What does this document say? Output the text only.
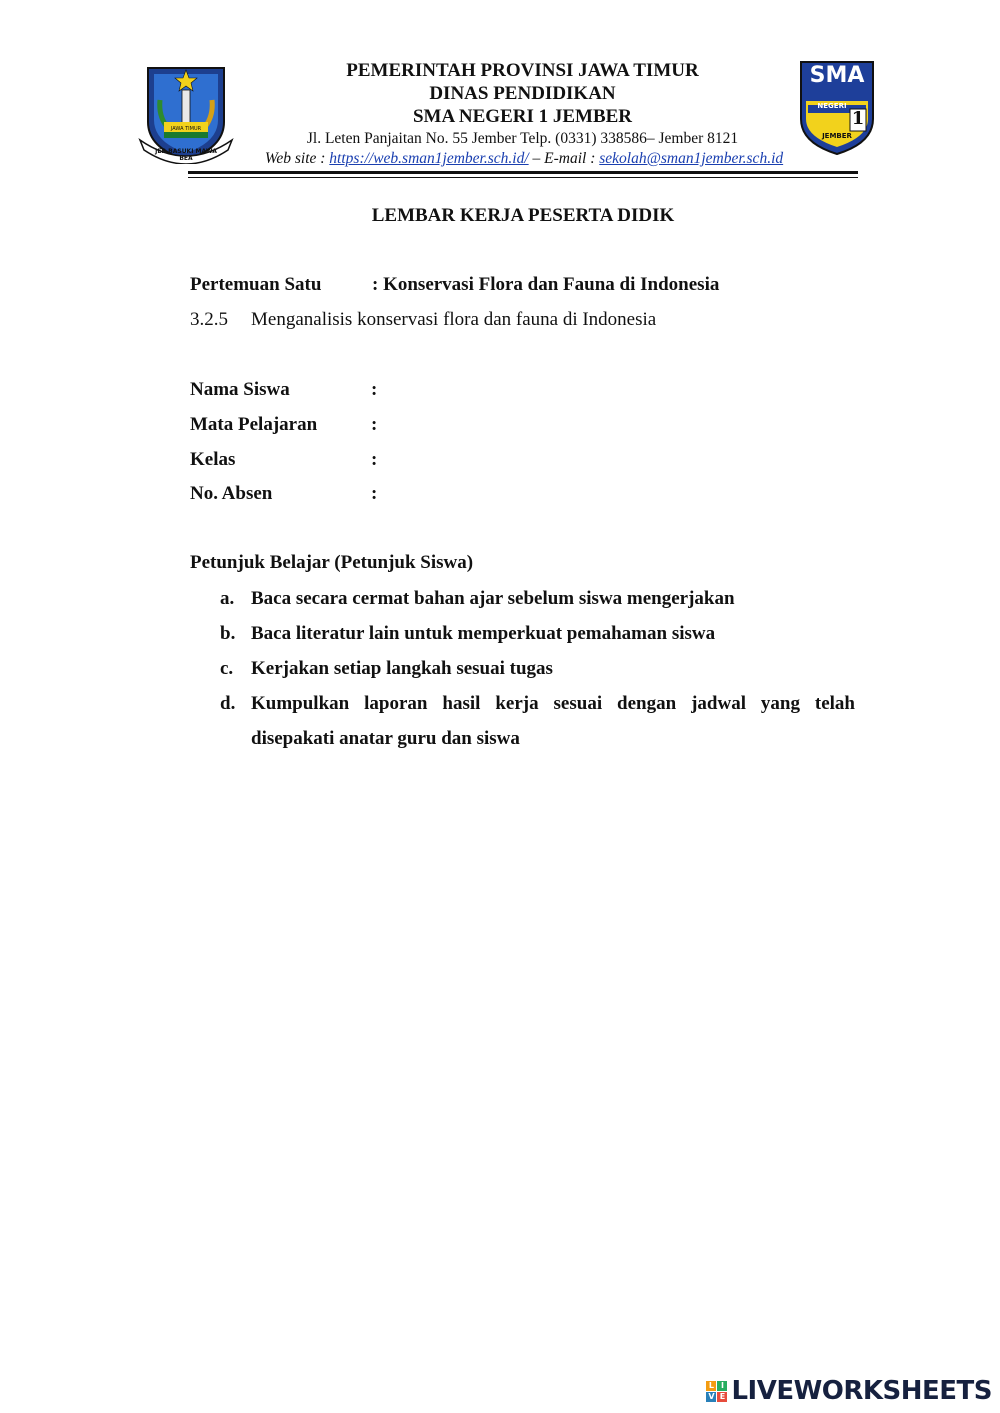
JER BASUKI MAWA BEA
JAWA TIMUR
SMA
NEGERI
1
JEMBER
PEMERINTAH PROVINSI JAWA TIMUR
DINAS PENDIDIKAN
SMA NEGERI 1 JEMBER
Jl. Leten Panjaitan No. 55 Jember Telp. (0331) 338586– Jember 8121
Web site : https://web.sman1jember.sch.id/ – E-mail : sekolah@sman1jember.sch.id
LEMBAR KERJA PESERTA DIDIK
Pertemuan Satu	: Konservasi Flora dan Fauna di Indonesia
3.2.5 Menganalisis konservasi flora dan fauna di Indonesia
Nama Siswa	:
Mata Pelajaran	:
Kelas	:
No. Absen	:
Petunjuk Belajar (Petunjuk Siswa)
a. Baca secara cermat bahan ajar sebelum siswa mengerjakan
b. Baca literatur lain untuk memperkuat pemahaman siswa
c. Kerjakan setiap langkah sesuai tugas
d. Kumpulkan laporan hasil kerja sesuai dengan jadwal yang telah
disepakati anatar guru dan siswa
L I
V E LIVEWORKSHEETS
